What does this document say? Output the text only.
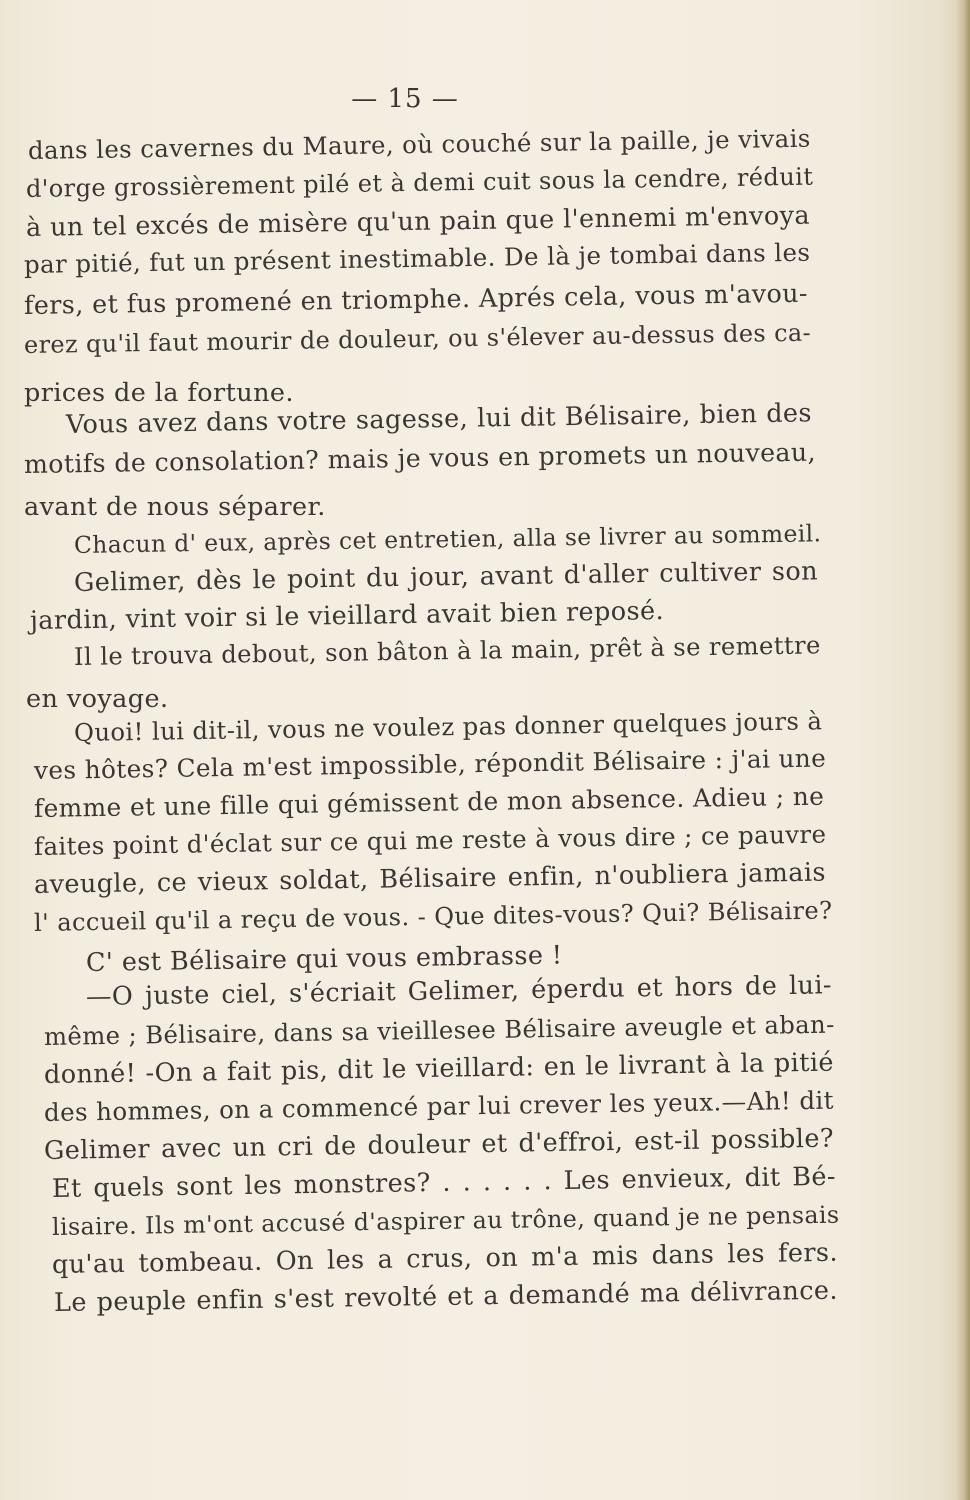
— 15 —
dans les cavernes du Maure, où couché sur la paille, je vivais
d'orge grossièrement pilé et à demi cuit sous la cendre, réduit
à un tel excés de misère qu'un pain que l'ennemi m'envoya
par pitié, fut un présent inestimable. De là je tombai dans les
fers, et fus promené en triomphe. Aprés cela, vous m'avou-
erez qu'il faut mourir de douleur, ou s'élever au-dessus des ca-
prices de la fortune.
Vous avez dans votre sagesse, lui dit Bélisaire, bien des
motifs de consolation? mais je vous en promets un nouveau,
avant de nous séparer.
Chacun d' eux, après cet entretien, alla se livrer au sommeil.
Gelimer, dès le point du jour, avant d'aller cultiver son
jardin, vint voir si le vieillard avait bien reposé.
Il le trouva debout, son bâton à la main, prêt à se remettre
en voyage.
Quoi! lui dit-il, vous ne voulez pas donner quelques jours à
ves hôtes? Cela m'est impossible, répondit Bélisaire : j'ai une
femme et une fille qui gémissent de mon absence. Adieu ; ne
faites point d'éclat sur ce qui me reste à vous dire ; ce pauvre
aveugle, ce vieux soldat, Bélisaire enfin, n'oubliera jamais
l' accueil qu'il a reçu de vous. - Que dites-vous? Qui? Bélisaire?
C' est Bélisaire qui vous embrasse !
—O juste ciel, s'écriait Gelimer, éperdu et hors de lui-
même ; Bélisaire, dans sa vieillesee Bélisaire aveugle et aban-
donné! -On a fait pis, dit le vieillard: en le livrant à la pitié
des hommes, on a commencé par lui crever les yeux.—Ah! dit
Gelimer avec un cri de douleur et d'effroi, est-il possible?
Et quels sont les monstres? . . . . . . Les envieux, dit Bé-
lisaire. Ils m'ont accusé d'aspirer au trône, quand je ne pensais
qu'au tombeau. On les a crus, on m'a mis dans les fers.
Le peuple enfin s'est revolté et a demandé ma délivrance.
